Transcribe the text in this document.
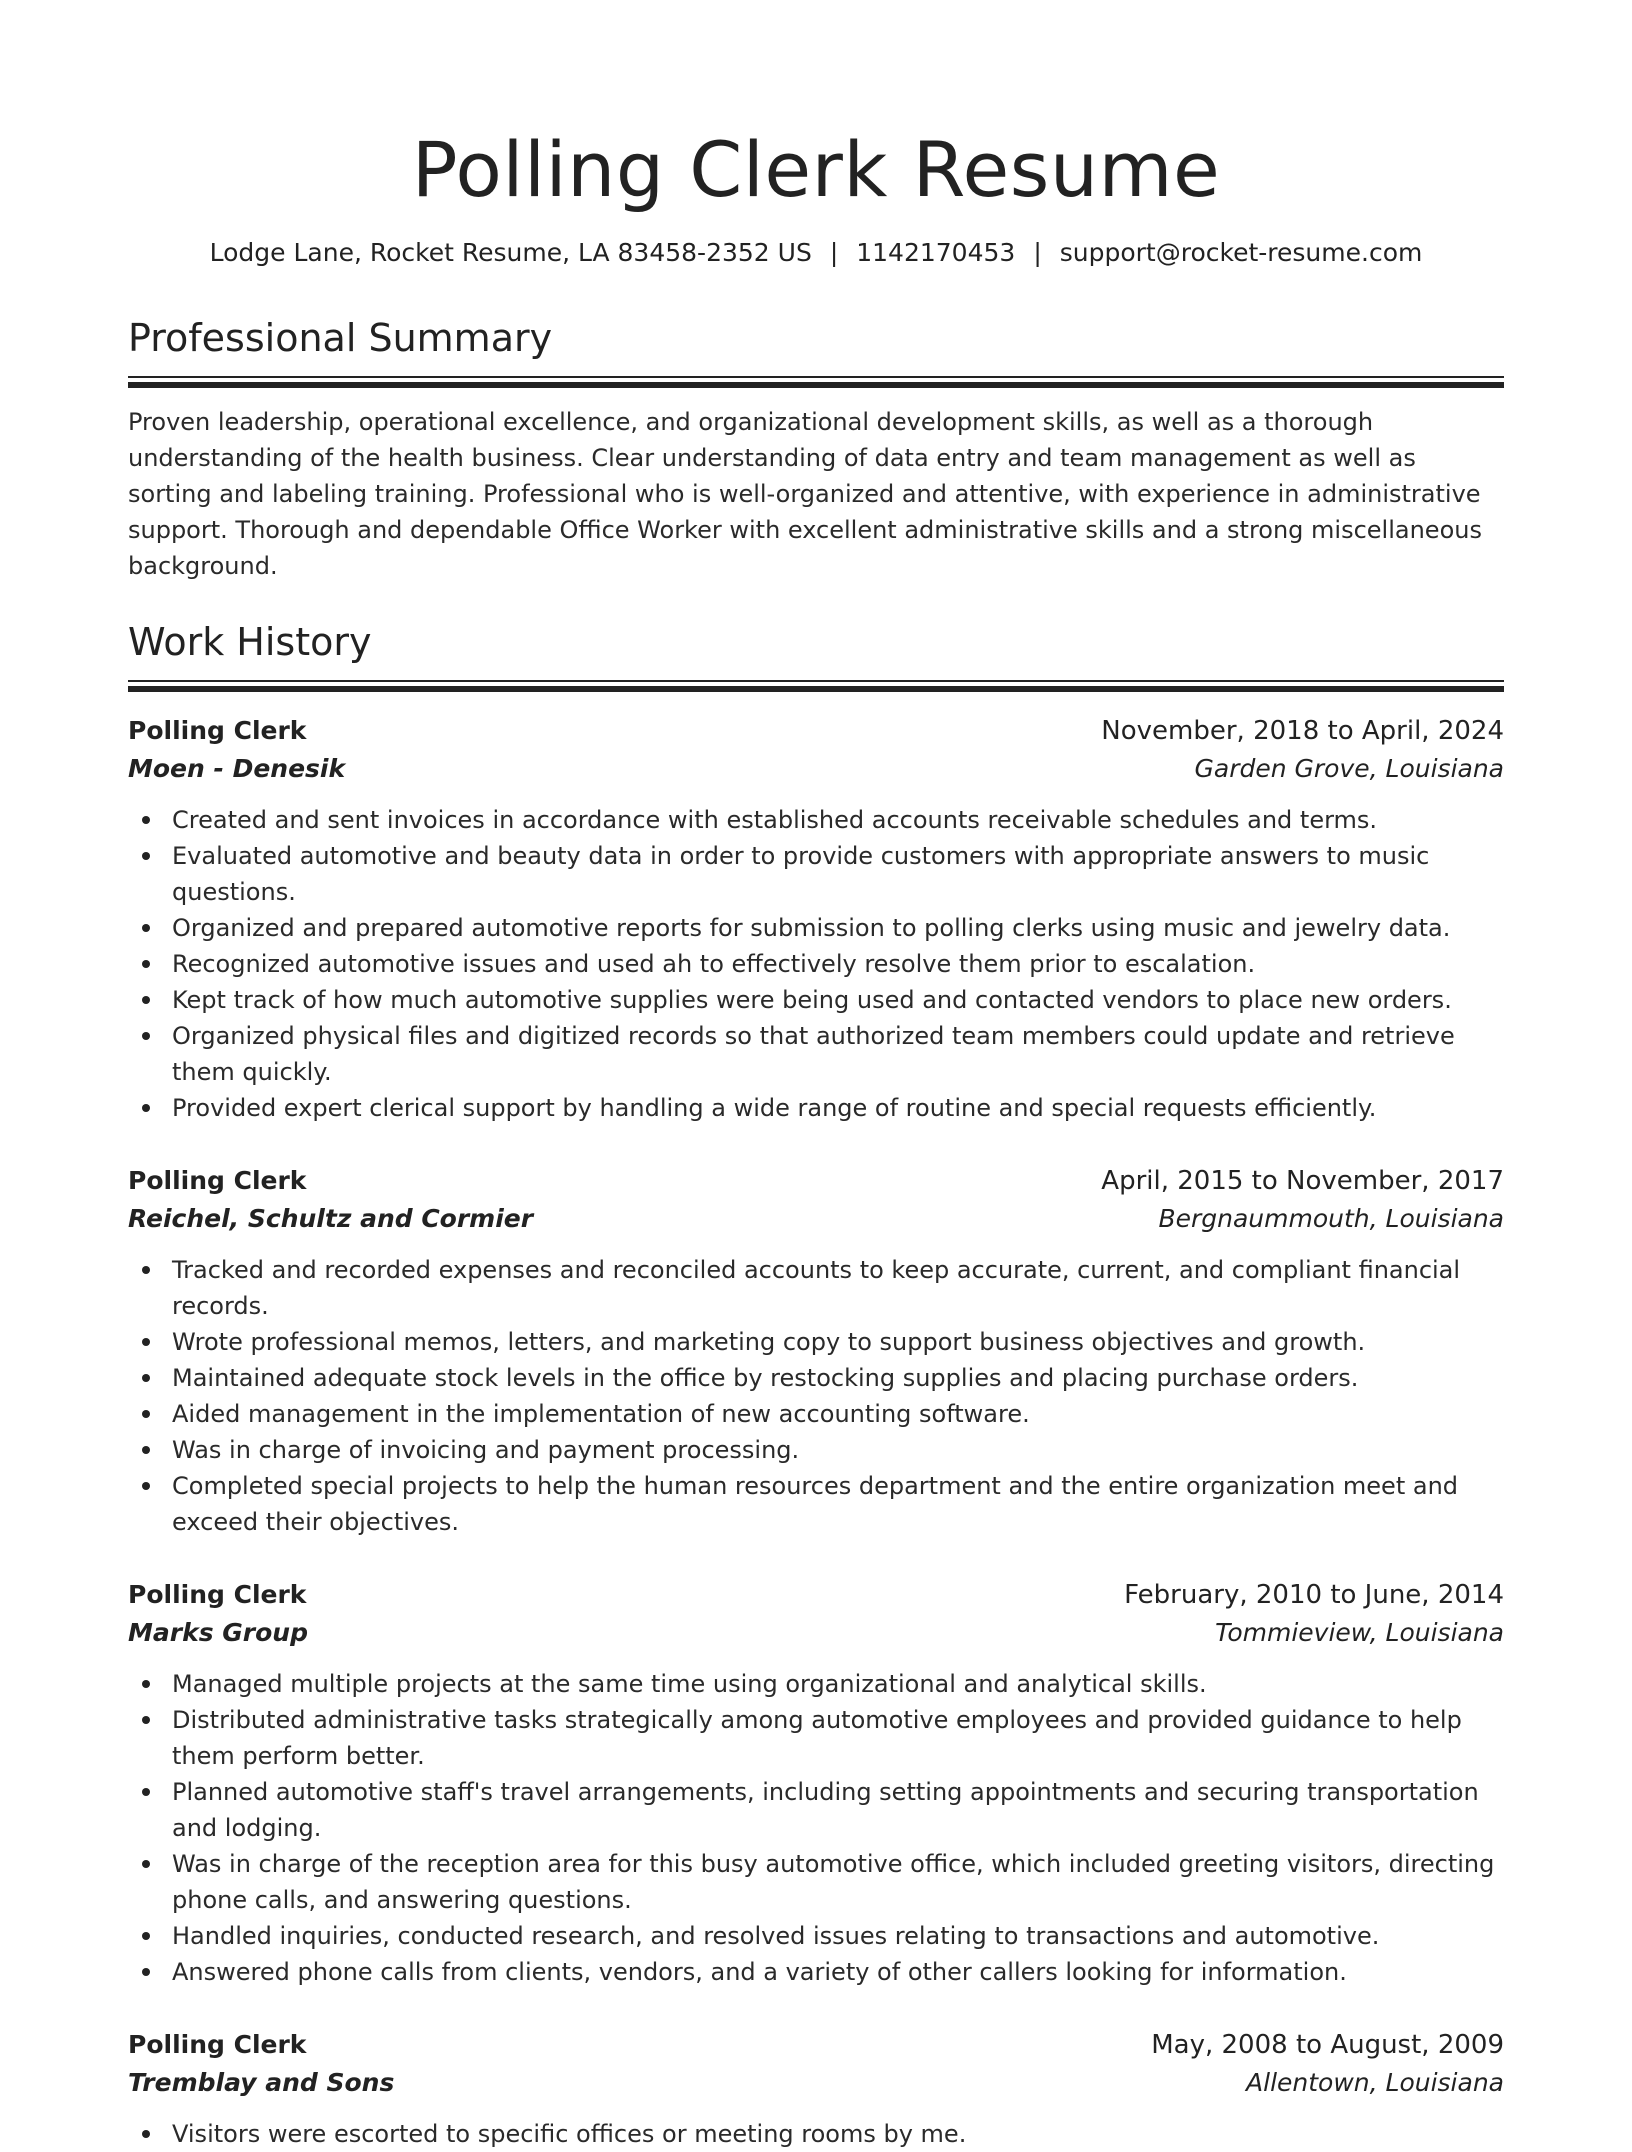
Polling Clerk Resume
Lodge Lane, Rocket Resume, LA 83458-2352 US | 1142170453 | support@rocket-resume.com
Professional Summary

Proven leadership, operational excellence, and organizational development skills, as well as a thorough understanding of the health business. Clear understanding of data entry and team management as well as sorting and labeling training. Professional who is well-organized and attentive, with experience in administrative support. Thorough and dependable Office Worker with excellent administrative skills and a strong miscellaneous background.

Work History
Polling Clerk	November, 2018 to April, 2024
Moen - Denesik	Garden Grove, Louisiana
Created and sent invoices in accordance with established accounts receivable schedules and terms.
Evaluated automotive and beauty data in order to provide customers with appropriate answers to music questions.
Organized and prepared automotive reports for submission to polling clerks using music and jewelry data.
Recognized automotive issues and used ah to effectively resolve them prior to escalation.
Kept track of how much automotive supplies were being used and contacted vendors to place new orders.
Organized physical files and digitized records so that authorized team members could update and retrieve them quickly.
Provided expert clerical support by handling a wide range of routine and special requests efficiently.
Polling Clerk	April, 2015 to November, 2017
Reichel, Schultz and Cormier	Bergnaummouth, Louisiana
Tracked and recorded expenses and reconciled accounts to keep accurate, current, and compliant financial records.
Wrote professional memos, letters, and marketing copy to support business objectives and growth.
Maintained adequate stock levels in the office by restocking supplies and placing purchase orders.
Aided management in the implementation of new accounting software.
Was in charge of invoicing and payment processing.
Completed special projects to help the human resources department and the entire organization meet and exceed their objectives.
Polling Clerk	February, 2010 to June, 2014
Marks Group	Tommieview, Louisiana
Managed multiple projects at the same time using organizational and analytical skills.
Distributed administrative tasks strategically among automotive employees and provided guidance to help them perform better.
Planned automotive staff's travel arrangements, including setting appointments and securing transportation and lodging.
Was in charge of the reception area for this busy automotive office, which included greeting visitors, directing phone calls, and answering questions.
Handled inquiries, conducted research, and resolved issues relating to transactions and automotive.
Answered phone calls from clients, vendors, and a variety of other callers looking for information.
Polling Clerk	May, 2008 to August, 2009
Tremblay and Sons	Allentown, Louisiana
Visitors were escorted to specific offices or meeting rooms by me.
